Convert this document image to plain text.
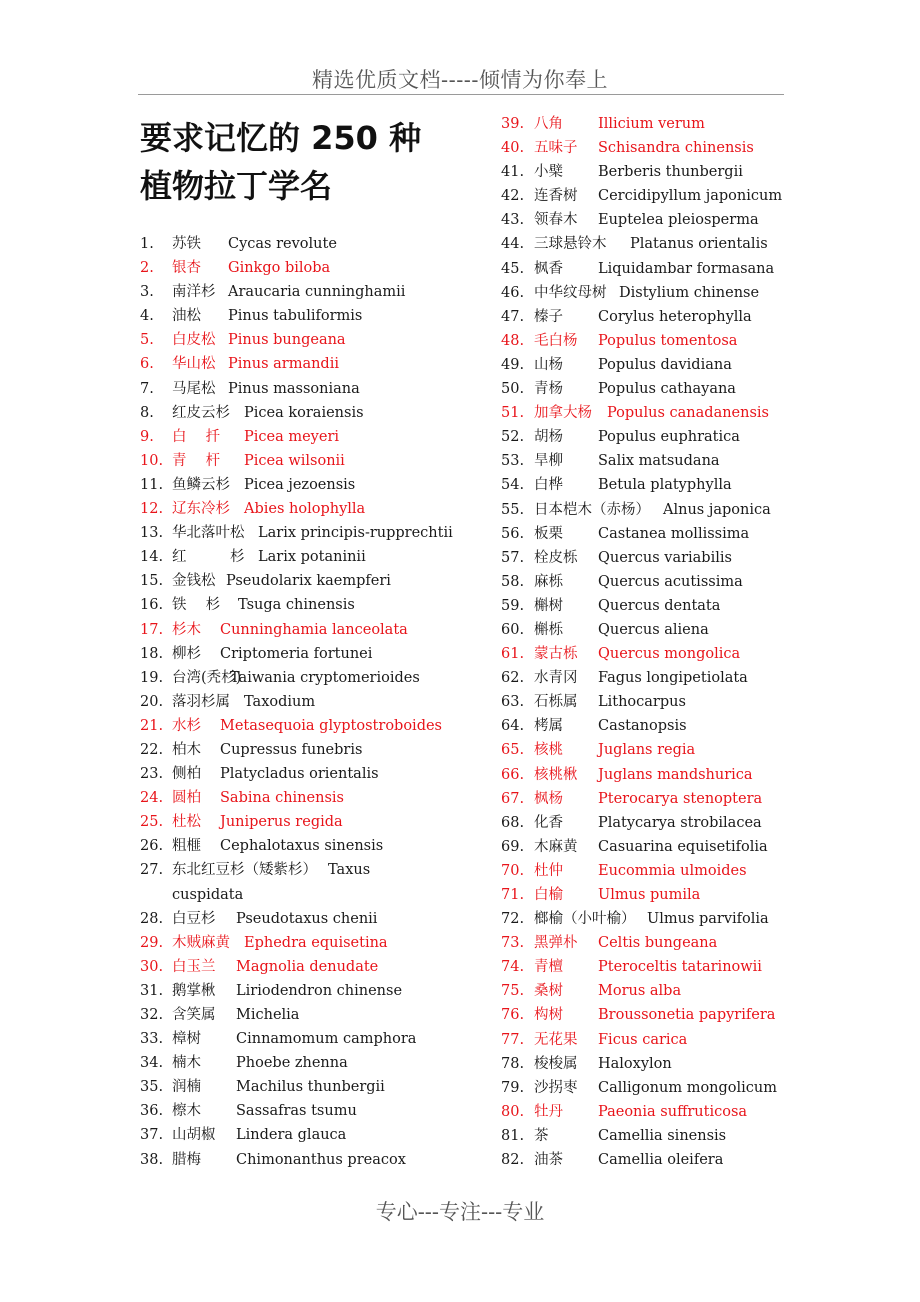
精选优质文档-----倾情为你奉上
要求记忆的 250 种
植物拉丁学名
1. 苏铁 Cycas revolute
2. 银杏 Ginkgo biloba
3. 南洋杉 Araucaria cunninghamii
4. 油松 Pinus tabuliformis
5. 白皮松 Pinus bungeana
6. 华山松 Pinus armandii
7. 马尾松 Pinus massoniana
8. 红皮云杉 Picea koraiensis
9. 白　 扦 Picea meyeri
10. 青　 杆 Picea wilsonii
11. 鱼鳞云杉 Picea jezoensis
12. 辽东冷杉 Abies holophylla
13. 华北落叶松 Larix principis-rupprechtii
14. 红　　　杉 Larix potaninii
15. 金钱松 Pseudolarix kaempferi
16. 铁　 杉 Tsuga chinensis
17. 杉木 Cunninghamia lanceolata
18. 柳杉 Criptomeria fortunei
19. 台湾(秃杉)
Taiwania cryptomerioides
20. 落羽杉属 Taxodium
21. 水杉 Metasequoia glyptostroboides
22. 柏木 Cupressus funebris
23. 侧柏 Platycladus orientalis
24. 圆柏 Sabina chinensis
25. 杜松 Juniperus regida
26. 粗榧 Cephalotaxus sinensis
27. 东北红豆杉（矮紫杉） Taxus cuspidata
28. 白豆杉 Pseudotaxus chenii
29. 木贼麻黄 Ephedra equisetina
30. 白玉兰 Magnolia denudate
31. 鹅掌楸 Liriodendron chinense
32. 含笑属 Michelia
33. 樟树 Cinnamomum camphora
34. 楠木 Phoebe zhenna
35. 润楠 Machilus thunbergii
36. 檫木 Sassafras tsumu
37. 山胡椒 Lindera glauca
38. 腊梅 Chimonanthus preacox
39. 八角 Illicium verum
40. 五味子 Schisandra chinensis
41. 小檗 Berberis thunbergii
42. 连香树 Cercidipyllum japonicum
43. 领春木 Euptelea pleiosperma
44. 三球悬铃木 Platanus orientalis
45. 枫香 Liquidambar formasana
46. 中华纹母树 Distylium chinense
47. 榛子 Corylus heterophylla
48. 毛白杨 Populus tomentosa
49. 山杨 Populus davidiana
50. 青杨 Populus cathayana
51. 加拿大杨 Populus canadanensis
52. 胡杨 Populus euphratica
53. 旱柳 Salix matsudana
54. 白桦 Betula platyphylla
55. 日本桤木（赤杨） Alnus japonica
56. 板栗 Castanea mollissima
57. 栓皮栎 Quercus variabilis
58. 麻栎 Quercus acutissima
59. 槲树 Quercus dentata
60. 槲栎 Quercus aliena
61. 蒙古栎 Quercus mongolica
62. 水青冈 Fagus longipetiolata
63. 石栎属 Lithocarpus
64. 栲属 Castanopsis
65. 核桃 Juglans regia
66. 核桃楸 Juglans mandshurica
67. 枫杨 Pterocarya stenoptera
68. 化香 Platycarya strobilacea
69. 木麻黄 Casuarina equisetifolia
70. 杜仲 Eucommia ulmoides
71. 白榆 Ulmus pumila
72. 榔榆（小叶榆） Ulmus parvifolia
73. 黑弹朴 Celtis bungeana
74. 青檀 Pteroceltis tatarinowii
75. 桑树 Morus alba
76. 构树 Broussonetia papyrifera
77. 无花果 Ficus carica
78. 梭梭属 Haloxylon
79. 沙拐枣 Calligonum mongolicum
80. 牡丹 Paeonia suffruticosa
81. 茶	Camellia sinensis
82. 油茶 Camellia oleifera
专心---专注---专业
